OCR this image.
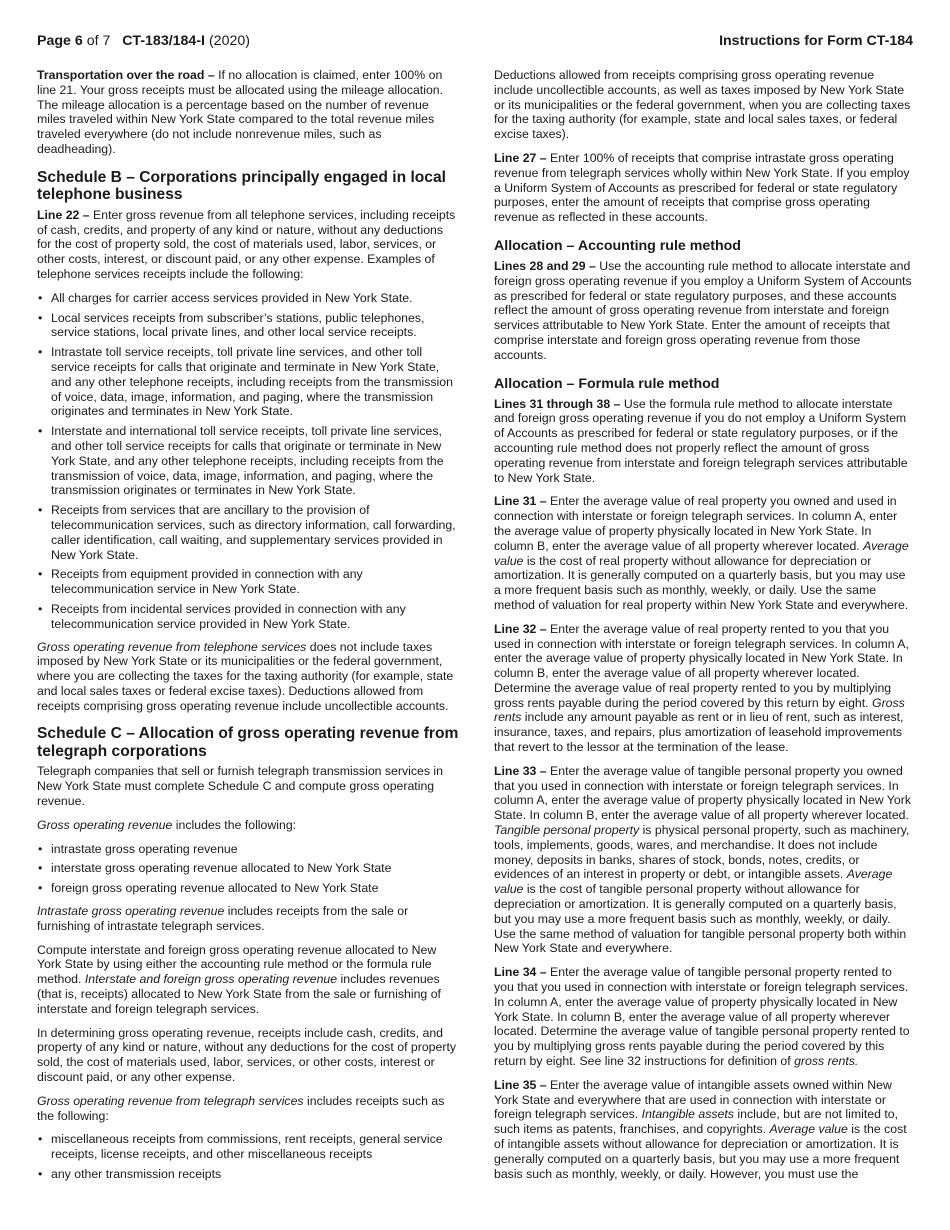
Page 6 of 7 CT-183/184-I (2020)	Instructions for Form CT-184

Transportation over the road – If no allocation is claimed, enter 100% on line 21. Your gross receipts must be allocated using the mileage allocation. The mileage allocation is a percentage based on the number of revenue miles traveled within New York State compared to the total revenue miles traveled everywhere (do not include nonrevenue miles, such as deadheading).

Schedule B – Corporations principally engaged in local telephone business

Line 22 – Enter gross revenue from all telephone services, including receipts of cash, credits, and property of any kind or nature, without any deductions for the cost of property sold, the cost of materials used, labor, services, or other costs, interest, or discount paid, or any other expense. Examples of telephone services receipts include the following:

• All charges for carrier access services provided in New York State.
• Local services receipts from subscriber’s stations, public telephones, service stations, local private lines, and other local service receipts.
• Intrastate toll service receipts, toll private line services, and other toll service receipts for calls that originate and terminate in New York State, and any other telephone receipts, including receipts from the transmission of voice, data, image, information, and paging, where the transmission originates and terminates in New York State.
• Interstate and international toll service receipts, toll private line services, and other toll service receipts for calls that originate or terminate in New York State, and any other telephone receipts, including receipts from the transmission of voice, data, image, information, and paging, where the transmission originates or terminates in New York State.
• Receipts from services that are ancillary to the provision of telecommunication services, such as directory information, call forwarding, caller identification, call waiting, and supplementary services provided in New York State.
• Receipts from equipment provided in connection with any telecommunication service in New York State.
• Receipts from incidental services provided in connection with any telecommunication service provided in New York State.

Gross operating revenue from telephone services does not include taxes imposed by New York State or its municipalities or the federal government, where you are collecting the taxes for the taxing authority (for example, state and local sales taxes or federal excise taxes). Deductions allowed from receipts comprising gross operating revenue include uncollectible accounts.

Schedule C – Allocation of gross operating revenue from telegraph corporations

Telegraph companies that sell or furnish telegraph transmission services in New York State must complete Schedule C and compute gross operating revenue.

Gross operating revenue includes the following:

• intrastate gross operating revenue
• interstate gross operating revenue allocated to New York State
• foreign gross operating revenue allocated to New York State

Intrastate gross operating revenue includes receipts from the sale or furnishing of intrastate telegraph services.

Compute interstate and foreign gross operating revenue allocated to New York State by using either the accounting rule method or the formula rule method. Interstate and foreign gross operating revenue includes revenues (that is, receipts) allocated to New York State from the sale or furnishing of interstate and foreign telegraph services.

In determining gross operating revenue, receipts include cash, credits, and property of any kind or nature, without any deductions for the cost of property sold, the cost of materials used, labor, services, or other costs, interest or discount paid, or any other expense.

Gross operating revenue from telegraph services includes receipts such as the following:

• miscellaneous receipts from commissions, rent receipts, general service receipts, license receipts, and other miscellaneous receipts
• any other transmission receipts

Deductions allowed from receipts comprising gross operating revenue include uncollectible accounts, as well as taxes imposed by New York State or its municipalities or the federal government, when you are collecting taxes for the taxing authority (for example, state and local sales taxes, or federal excise taxes).

Line 27 – Enter 100% of receipts that comprise intrastate gross operating revenue from telegraph services wholly within New York State. If you employ a Uniform System of Accounts as prescribed for federal or state regulatory purposes, enter the amount of receipts that comprise gross operating revenue as reflected in these accounts.

Allocation – Accounting rule method

Lines 28 and 29 – Use the accounting rule method to allocate interstate and foreign gross operating revenue if you employ a Uniform System of Accounts as prescribed for federal or state regulatory purposes, and these accounts reflect the amount of gross operating revenue from interstate and foreign services attributable to New York State. Enter the amount of receipts that comprise interstate and foreign gross operating revenue from those accounts.

Allocation – Formula rule method

Lines 31 through 38 – Use the formula rule method to allocate interstate and foreign gross operating revenue if you do not employ a Uniform System of Accounts as prescribed for federal or state regulatory purposes, or if the accounting rule method does not properly reflect the amount of gross operating revenue from interstate and foreign telegraph services attributable to New York State.

Line 31 – Enter the average value of real property you owned and used in connection with interstate or foreign telegraph services. In column A, enter the average value of property physically located in New York State. In column B, enter the average value of all property wherever located. Average value is the cost of real property without allowance for depreciation or amortization. It is generally computed on a quarterly basis, but you may use a more frequent basis such as monthly, weekly, or daily. Use the same method of valuation for real property within New York State and everywhere.

Line 32 – Enter the average value of real property rented to you that you used in connection with interstate or foreign telegraph services. In column A, enter the average value of property physically located in New York State. In column B, enter the average value of all property wherever located. Determine the average value of real property rented to you by multiplying gross rents payable during the period covered by this return by eight. Gross rents include any amount payable as rent or in lieu of rent, such as interest, insurance, taxes, and repairs, plus amortization of leasehold improvements that revert to the lessor at the termination of the lease.

Line 33 – Enter the average value of tangible personal property you owned that you used in connection with interstate or foreign telegraph services. In column A, enter the average value of property physically located in New York State. In column B, enter the average value of all property wherever located. Tangible personal property is physical personal property, such as machinery, tools, implements, goods, wares, and merchandise. It does not include money, deposits in banks, shares of stock, bonds, notes, credits, or evidences of an interest in property or debt, or intangible assets. Average value is the cost of tangible personal property without allowance for depreciation or amortization. It is generally computed on a quarterly basis, but you may use a more frequent basis such as monthly, weekly, or daily. Use the same method of valuation for tangible personal property both within New York State and everywhere.

Line 34 – Enter the average value of tangible personal property rented to you that you used in connection with interstate or foreign telegraph services. In column A, enter the average value of property physically located in New York State. In column B, enter the average value of all property wherever located. Determine the average value of tangible personal property rented to you by multiplying gross rents payable during the period covered by this return by eight. See line 32 instructions for definition of gross rents.

Line 35 – Enter the average value of intangible assets owned within New York State and everywhere that are used in connection with interstate or foreign telegraph services. Intangible assets include, but are not limited to, such items as patents, franchises, and copyrights. Average value is the cost of intangible assets without allowance for depreciation or amortization. It is generally computed on a quarterly basis, but you may use a more frequent basis such as monthly, weekly, or daily. However, you must use the
